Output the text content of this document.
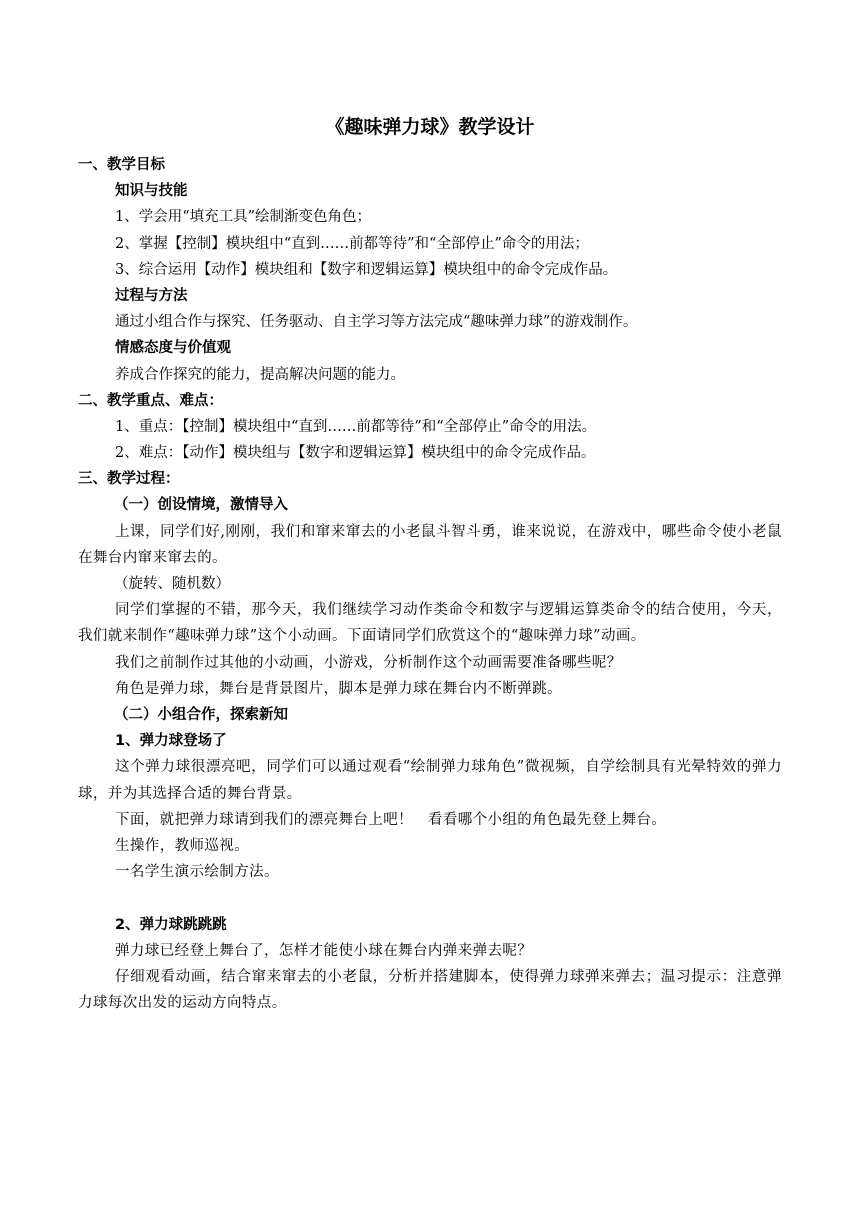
《趣味弹力球》教学设计
一、教学目标
知识与技能
1、学会用“填充工具”绘制渐变色角色；
2、掌握【控制】模块组中“直到……前都等待”和“全部停止”命令的用法；
3、综合运用【动作】模块组和【数字和逻辑运算】模块组中的命令完成作品。
过程与方法
通过小组合作与探究、任务驱动、自主学习等方法完成“趣味弹力球”的游戏制作。
情感态度与价值观
养成合作探究的能力，提高解决问题的能力。
二、教学重点、难点：
1、重点：【控制】模块组中“直到……前都等待”和“全部停止”命令的用法。
2、难点：【动作】模块组与【数字和逻辑运算】模块组中的命令完成作品。
三、教学过程：
（一）创设情境，激情导入
上课，同学们好,刚刚，我们和窜来窜去的小老鼠斗智斗勇，谁来说说，在游戏中，哪些命令使小老鼠在舞台内窜来窜去的。
（旋转、随机数）
同学们掌握的不错，那今天，我们继续学习动作类命令和数字与逻辑运算类命令的结合使用，今天，我们就来制作“趣味弹力球”这个小动画。下面请同学们欣赏这个的“趣味弹力球”动画。
我们之前制作过其他的小动画，小游戏，分析制作这个动画需要准备哪些呢？
角色是弹力球，舞台是背景图片，脚本是弹力球在舞台内不断弹跳。
（二）小组合作，探索新知
1、弹力球登场了
这个弹力球很漂亮吧，同学们可以通过观看“绘制弹力球角色”微视频，自学绘制具有光晕特效的弹力球，并为其选择合适的舞台背景。
下面，就把弹力球请到我们的漂亮舞台上吧！　看看哪个小组的角色最先登上舞台。
生操作，教师巡视。
一名学生演示绘制方法。
2、弹力球跳跳跳
弹力球已经登上舞台了，怎样才能使小球在舞台内弹来弹去呢？
仔细观看动画，结合窜来窜去的小老鼠，分析并搭建脚本，使得弹力球弹来弹去；温习提示：注意弹力球每次出发的运动方向特点。
